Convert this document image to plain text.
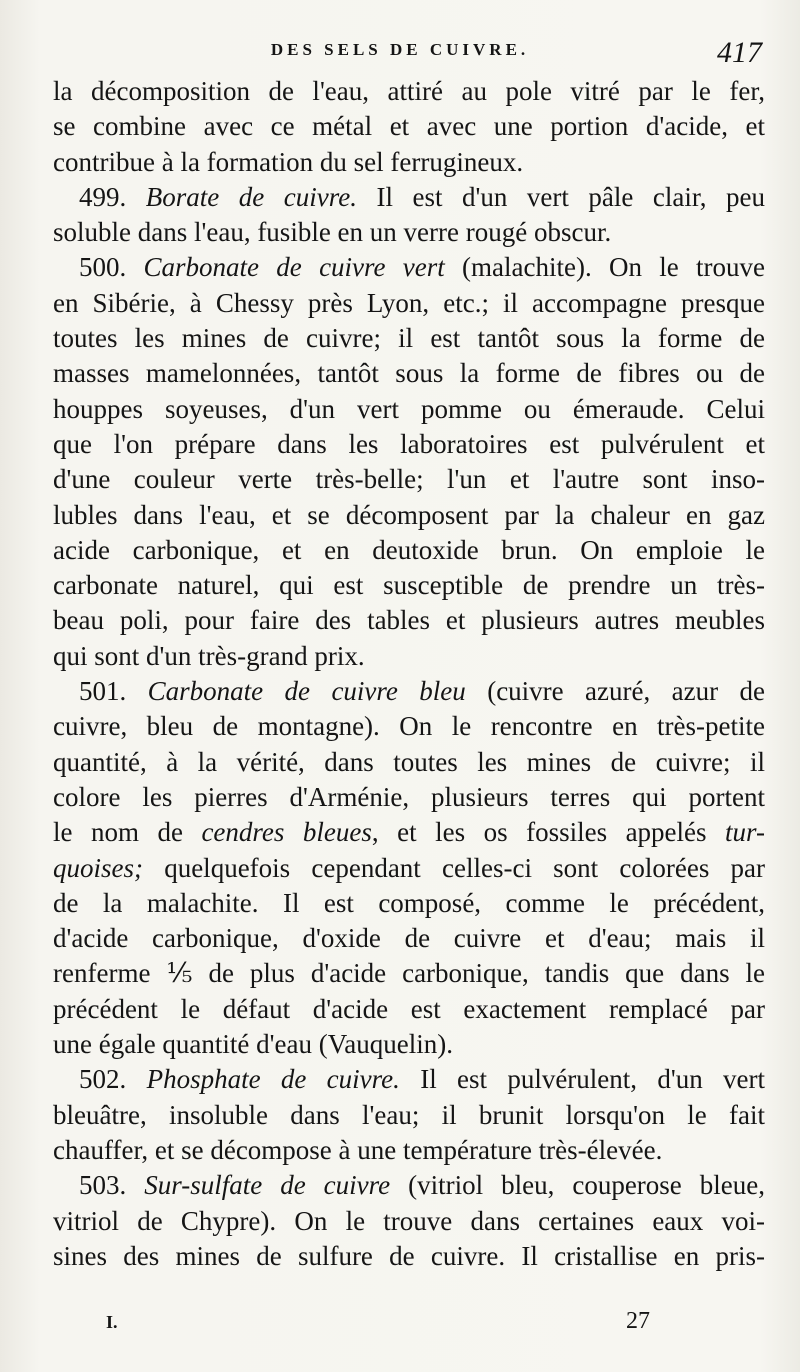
DES SELS DE CUIVRE.	417
la décomposition de l'eau, attiré au pole vitré par le fer,
se combine avec ce métal et avec une portion d'acide, et
contribue à la formation du sel ferrugineux.
499. Borate de cuivre. Il est d'un vert pâle clair, peu
soluble dans l'eau, fusible en un verre rougé obscur.
500. Carbonate de cuivre vert (malachite). On le trouve
en Sibérie, à Chessy près Lyon, etc.; il accompagne presque
toutes les mines de cuivre; il est tantôt sous la forme de
masses mamelonnées, tantôt sous la forme de fibres ou de
houppes soyeuses, d'un vert pomme ou émeraude. Celui
que l'on prépare dans les laboratoires est pulvérulent et
d'une couleur verte très-belle; l'un et l'autre sont inso-
lubles dans l'eau, et se décomposent par la chaleur en gaz
acide carbonique, et en deutoxide brun. On emploie le
carbonate naturel, qui est susceptible de prendre un très-
beau poli, pour faire des tables et plusieurs autres meubles
qui sont d'un très-grand prix.
501. Carbonate de cuivre bleu (cuivre azuré, azur de
cuivre, bleu de montagne). On le rencontre en très-petite
quantité, à la vérité, dans toutes les mines de cuivre; il
colore les pierres d'Arménie, plusieurs terres qui portent
le nom de cendres bleues, et les os fossiles appelés tur-
quoises; quelquefois cependant celles-ci sont colorées par
de la malachite. Il est composé, comme le précédent,
d'acide carbonique, d'oxide de cuivre et d'eau; mais il
renferme ⅕ de plus d'acide carbonique, tandis que dans le
précédent le défaut d'acide est exactement remplacé par
une égale quantité d'eau (Vauquelin).
502. Phosphate de cuivre. Il est pulvérulent, d'un vert
bleuâtre, insoluble dans l'eau; il brunit lorsqu'on le fait
chauffer, et se décompose à une température très-élevée.
503. Sur-sulfate de cuivre (vitriol bleu, couperose bleue,
vitriol de Chypre). On le trouve dans certaines eaux voi-
sines des mines de sulfure de cuivre. Il cristallise en pris-
I.	27
